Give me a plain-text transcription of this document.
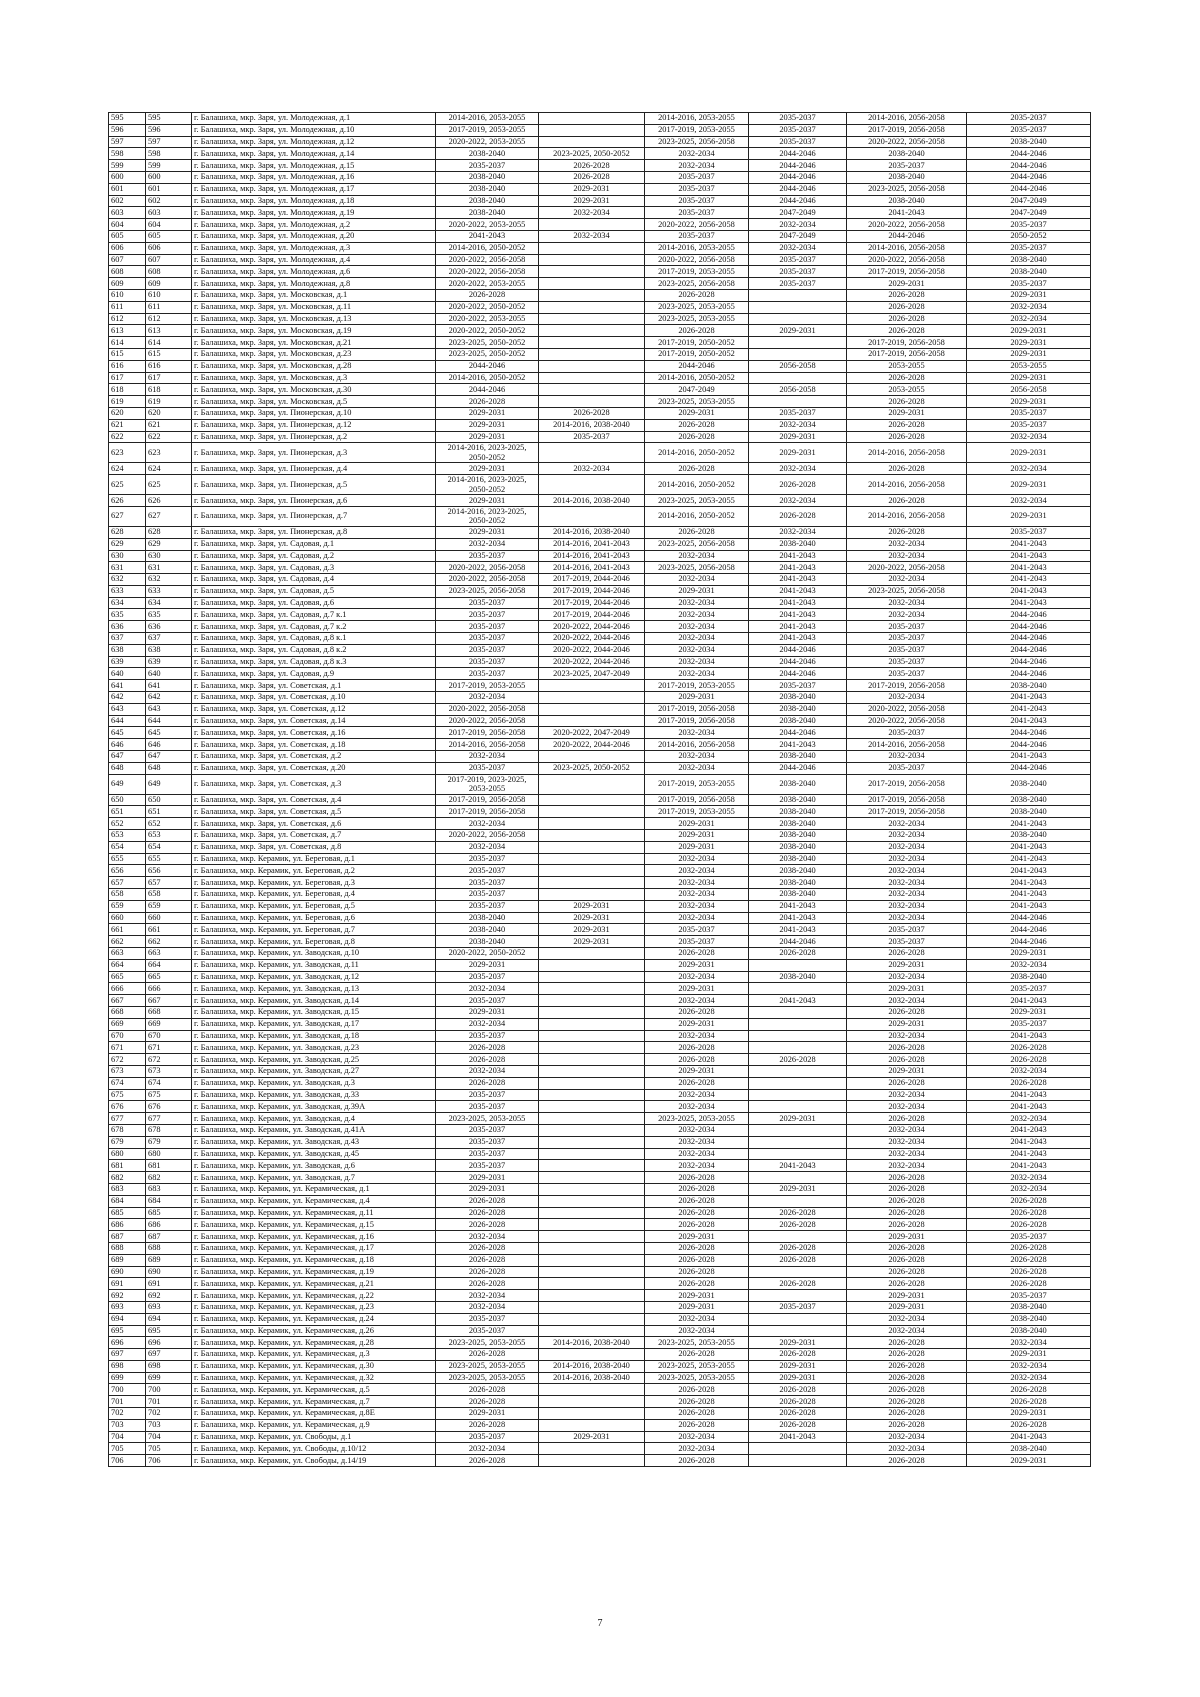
595	595	г. Балашиха, мкр. Заря, ул. Молодежная, д.1	2014-2016, 2053-2055		2014-2016, 2053-2055	2035-2037	2014-2016, 2056-2058	2035-2037
596	596	г. Балашиха, мкр. Заря, ул. Молодежная, д.10	2017-2019, 2053-2055		2017-2019, 2053-2055	2035-2037	2017-2019, 2056-2058	2035-2037
597	597	г. Балашиха, мкр. Заря, ул. Молодежная, д.12	2020-2022, 2053-2055		2023-2025, 2056-2058	2035-2037	2020-2022, 2056-2058	2038-2040
598	598	г. Балашиха, мкр. Заря, ул. Молодежная, д.14	2038-2040	2023-2025, 2050-2052	2032-2034	2044-2046	2038-2040	2044-2046
599	599	г. Балашиха, мкр. Заря, ул. Молодежная, д.15	2035-2037	2026-2028	2032-2034	2044-2046	2035-2037	2044-2046
600	600	г. Балашиха, мкр. Заря, ул. Молодежная, д.16	2038-2040	2026-2028	2035-2037	2044-2046	2038-2040	2044-2046
601	601	г. Балашиха, мкр. Заря, ул. Молодежная, д.17	2038-2040	2029-2031	2035-2037	2044-2046	2023-2025, 2056-2058	2044-2046
602	602	г. Балашиха, мкр. Заря, ул. Молодежная, д.18	2038-2040	2029-2031	2035-2037	2044-2046	2038-2040	2047-2049
603	603	г. Балашиха, мкр. Заря, ул. Молодежная, д.19	2038-2040	2032-2034	2035-2037	2047-2049	2041-2043	2047-2049
604	604	г. Балашиха, мкр. Заря, ул. Молодежная, д.2	2020-2022, 2053-2055		2020-2022, 2056-2058	2032-2034	2020-2022, 2056-2058	2035-2037
605	605	г. Балашиха, мкр. Заря, ул. Молодежная, д.20	2041-2043	2032-2034	2035-2037	2047-2049	2044-2046	2050-2052
606	606	г. Балашиха, мкр. Заря, ул. Молодежная, д.3	2014-2016, 2050-2052		2014-2016, 2053-2055	2032-2034	2014-2016, 2056-2058	2035-2037
607	607	г. Балашиха, мкр. Заря, ул. Молодежная, д.4	2020-2022, 2056-2058		2020-2022, 2056-2058	2035-2037	2020-2022, 2056-2058	2038-2040
608	608	г. Балашиха, мкр. Заря, ул. Молодежная, д.6	2020-2022, 2056-2058		2017-2019, 2053-2055	2035-2037	2017-2019, 2056-2058	2038-2040
609	609	г. Балашиха, мкр. Заря, ул. Молодежная, д.8	2020-2022, 2053-2055		2023-2025, 2056-2058	2035-2037	2029-2031	2035-2037
610	610	г. Балашиха, мкр. Заря, ул. Московская, д.1	2026-2028		2026-2028		2026-2028	2029-2031
611	611	г. Балашиха, мкр. Заря, ул. Московская, д.11	2020-2022, 2050-2052		2023-2025, 2053-2055		2026-2028	2032-2034
612	612	г. Балашиха, мкр. Заря, ул. Московская, д.13	2020-2022, 2053-2055		2023-2025, 2053-2055		2026-2028	2032-2034
613	613	г. Балашиха, мкр. Заря, ул. Московская, д.19	2020-2022, 2050-2052		2026-2028	2029-2031	2026-2028	2029-2031
614	614	г. Балашиха, мкр. Заря, ул. Московская, д.21	2023-2025, 2050-2052		2017-2019, 2050-2052		2017-2019, 2056-2058	2029-2031
615	615	г. Балашиха, мкр. Заря, ул. Московская, д.23	2023-2025, 2050-2052		2017-2019, 2050-2052		2017-2019, 2056-2058	2029-2031
616	616	г. Балашиха, мкр. Заря, ул. Московская, д.28	2044-2046		2044-2046	2056-2058	2053-2055	2053-2055
617	617	г. Балашиха, мкр. Заря, ул. Московская, д.3	2014-2016, 2050-2052		2014-2016, 2050-2052		2026-2028	2029-2031
618	618	г. Балашиха, мкр. Заря, ул. Московская, д.30	2044-2046		2047-2049	2056-2058	2053-2055	2056-2058
619	619	г. Балашиха, мкр. Заря, ул. Московская, д.5	2026-2028		2023-2025, 2053-2055		2026-2028	2029-2031
620	620	г. Балашиха, мкр. Заря, ул. Пионерская, д.10	2029-2031	2026-2028	2029-2031	2035-2037	2029-2031	2035-2037
621	621	г. Балашиха, мкр. Заря, ул. Пионерская, д.12	2029-2031	2014-2016, 2038-2040	2026-2028	2032-2034	2026-2028	2035-2037
622	622	г. Балашиха, мкр. Заря, ул. Пионерская, д.2	2029-2031	2035-2037	2026-2028	2029-2031	2026-2028	2032-2034
623	623	г. Балашиха, мкр. Заря, ул. Пионерская, д.3	2014-2016, 2023-2025, 2050-2052		2014-2016, 2050-2052	2029-2031	2014-2016, 2056-2058	2029-2031
624	624	г. Балашиха, мкр. Заря, ул. Пионерская, д.4	2029-2031	2032-2034	2026-2028	2032-2034	2026-2028	2032-2034
625	625	г. Балашиха, мкр. Заря, ул. Пионерская, д.5	2014-2016, 2023-2025, 2050-2052		2014-2016, 2050-2052	2026-2028	2014-2016, 2056-2058	2029-2031
626	626	г. Балашиха, мкр. Заря, ул. Пионерская, д.6	2029-2031	2014-2016, 2038-2040	2023-2025, 2053-2055	2032-2034	2026-2028	2032-2034
627	627	г. Балашиха, мкр. Заря, ул. Пионерская, д.7	2014-2016, 2023-2025, 2050-2052		2014-2016, 2050-2052	2026-2028	2014-2016, 2056-2058	2029-2031
628	628	г. Балашиха, мкр. Заря, ул. Пионерская, д.8	2029-2031	2014-2016, 2038-2040	2026-2028	2032-2034	2026-2028	2035-2037
629	629	г. Балашиха, мкр. Заря, ул. Садовая, д.1	2032-2034	2014-2016, 2041-2043	2023-2025, 2056-2058	2038-2040	2032-2034	2041-2043
630	630	г. Балашиха, мкр. Заря, ул. Садовая, д.2	2035-2037	2014-2016, 2041-2043	2032-2034	2041-2043	2032-2034	2041-2043
631	631	г. Балашиха, мкр. Заря, ул. Садовая, д.3	2020-2022, 2056-2058	2014-2016, 2041-2043	2023-2025, 2056-2058	2041-2043	2020-2022, 2056-2058	2041-2043
632	632	г. Балашиха, мкр. Заря, ул. Садовая, д.4	2020-2022, 2056-2058	2017-2019, 2044-2046	2032-2034	2041-2043	2032-2034	2041-2043
633	633	г. Балашиха, мкр. Заря, ул. Садовая, д.5	2023-2025, 2056-2058	2017-2019, 2044-2046	2029-2031	2041-2043	2023-2025, 2056-2058	2041-2043
634	634	г. Балашиха, мкр. Заря, ул. Садовая, д.6	2035-2037	2017-2019, 2044-2046	2032-2034	2041-2043	2032-2034	2041-2043
635	635	г. Балашиха, мкр. Заря, ул. Садовая, д.7 к.1	2035-2037	2017-2019, 2044-2046	2032-2034	2041-2043	2032-2034	2044-2046
636	636	г. Балашиха, мкр. Заря, ул. Садовая, д.7 к.2	2035-2037	2020-2022, 2044-2046	2032-2034	2041-2043	2035-2037	2044-2046
637	637	г. Балашиха, мкр. Заря, ул. Садовая, д.8 к.1	2035-2037	2020-2022, 2044-2046	2032-2034	2041-2043	2035-2037	2044-2046
638	638	г. Балашиха, мкр. Заря, ул. Садовая, д.8 к.2	2035-2037	2020-2022, 2044-2046	2032-2034	2044-2046	2035-2037	2044-2046
639	639	г. Балашиха, мкр. Заря, ул. Садовая, д.8 к.3	2035-2037	2020-2022, 2044-2046	2032-2034	2044-2046	2035-2037	2044-2046
640	640	г. Балашиха, мкр. Заря, ул. Садовая, д.9	2035-2037	2023-2025, 2047-2049	2032-2034	2044-2046	2035-2037	2044-2046
641	641	г. Балашиха, мкр. Заря, ул. Советская, д.1	2017-2019, 2053-2055		2017-2019, 2053-2055	2035-2037	2017-2019, 2056-2058	2038-2040
642	642	г. Балашиха, мкр. Заря, ул. Советская, д.10	2032-2034		2029-2031	2038-2040	2032-2034	2041-2043
643	643	г. Балашиха, мкр. Заря, ул. Советская, д.12	2020-2022, 2056-2058		2017-2019, 2056-2058	2038-2040	2020-2022, 2056-2058	2041-2043
644	644	г. Балашиха, мкр. Заря, ул. Советская, д.14	2020-2022, 2056-2058		2017-2019, 2056-2058	2038-2040	2020-2022, 2056-2058	2041-2043
645	645	г. Балашиха, мкр. Заря, ул. Советская, д.16	2017-2019, 2056-2058	2020-2022, 2047-2049	2032-2034	2044-2046	2035-2037	2044-2046
646	646	г. Балашиха, мкр. Заря, ул. Советская, д.18	2014-2016, 2056-2058	2020-2022, 2044-2046	2014-2016, 2056-2058	2041-2043	2014-2016, 2056-2058	2044-2046
647	647	г. Балашиха, мкр. Заря, ул. Советская, д.2	2032-2034		2032-2034	2038-2040	2032-2034	2041-2043
648	648	г. Балашиха, мкр. Заря, ул. Советская, д.20	2035-2037	2023-2025, 2050-2052	2032-2034	2044-2046	2035-2037	2044-2046
649	649	г. Балашиха, мкр. Заря, ул. Советская, д.3	2017-2019, 2023-2025, 2053-2055		2017-2019, 2053-2055	2038-2040	2017-2019, 2056-2058	2038-2040
650	650	г. Балашиха, мкр. Заря, ул. Советская, д.4	2017-2019, 2056-2058		2017-2019, 2056-2058	2038-2040	2017-2019, 2056-2058	2038-2040
651	651	г. Балашиха, мкр. Заря, ул. Советская, д.5	2017-2019, 2056-2058		2017-2019, 2053-2055	2038-2040	2017-2019, 2056-2058	2038-2040
652	652	г. Балашиха, мкр. Заря, ул. Советская, д.6	2032-2034		2029-2031	2038-2040	2032-2034	2041-2043
653	653	г. Балашиха, мкр. Заря, ул. Советская, д.7	2020-2022, 2056-2058		2029-2031	2038-2040	2032-2034	2038-2040
654	654	г. Балашиха, мкр. Заря, ул. Советская, д.8	2032-2034		2029-2031	2038-2040	2032-2034	2041-2043
655	655	г. Балашиха, мкр. Керамик, ул. Береговая, д.1	2035-2037		2032-2034	2038-2040	2032-2034	2041-2043
656	656	г. Балашиха, мкр. Керамик, ул. Береговая, д.2	2035-2037		2032-2034	2038-2040	2032-2034	2041-2043
657	657	г. Балашиха, мкр. Керамик, ул. Береговая, д.3	2035-2037		2032-2034	2038-2040	2032-2034	2041-2043
658	658	г. Балашиха, мкр. Керамик, ул. Береговая, д.4	2035-2037		2032-2034	2038-2040	2032-2034	2041-2043
659	659	г. Балашиха, мкр. Керамик, ул. Береговая, д.5	2035-2037	2029-2031	2032-2034	2041-2043	2032-2034	2041-2043
660	660	г. Балашиха, мкр. Керамик, ул. Береговая, д.6	2038-2040	2029-2031	2032-2034	2041-2043	2032-2034	2044-2046
661	661	г. Балашиха, мкр. Керамик, ул. Береговая, д.7	2038-2040	2029-2031	2035-2037	2041-2043	2035-2037	2044-2046
662	662	г. Балашиха, мкр. Керамик, ул. Береговая, д.8	2038-2040	2029-2031	2035-2037	2044-2046	2035-2037	2044-2046
663	663	г. Балашиха, мкр. Керамик, ул. Заводская, д.10	2020-2022, 2050-2052		2026-2028	2026-2028	2026-2028	2029-2031
664	664	г. Балашиха, мкр. Керамик, ул. Заводская, д.11	2029-2031		2029-2031		2029-2031	2032-2034
665	665	г. Балашиха, мкр. Керамик, ул. Заводская, д.12	2035-2037		2032-2034	2038-2040	2032-2034	2038-2040
666	666	г. Балашиха, мкр. Керамик, ул. Заводская, д.13	2032-2034		2029-2031		2029-2031	2035-2037
667	667	г. Балашиха, мкр. Керамик, ул. Заводская, д.14	2035-2037		2032-2034	2041-2043	2032-2034	2041-2043
668	668	г. Балашиха, мкр. Керамик, ул. Заводская, д.15	2029-2031		2026-2028		2026-2028	2029-2031
669	669	г. Балашиха, мкр. Керамик, ул. Заводская, д.17	2032-2034		2029-2031		2029-2031	2035-2037
670	670	г. Балашиха, мкр. Керамик, ул. Заводская, д.18	2035-2037		2032-2034		2032-2034	2041-2043
671	671	г. Балашиха, мкр. Керамик, ул. Заводская, д.23	2026-2028		2026-2028		2026-2028	2026-2028
672	672	г. Балашиха, мкр. Керамик, ул. Заводская, д.25	2026-2028		2026-2028	2026-2028	2026-2028	2026-2028
673	673	г. Балашиха, мкр. Керамик, ул. Заводская, д.27	2032-2034		2029-2031		2029-2031	2032-2034
674	674	г. Балашиха, мкр. Керамик, ул. Заводская, д.3	2026-2028		2026-2028		2026-2028	2026-2028
675	675	г. Балашиха, мкр. Керамик, ул. Заводская, д.33	2035-2037		2032-2034		2032-2034	2041-2043
676	676	г. Балашиха, мкр. Керамик, ул. Заводская, д.39А	2035-2037		2032-2034		2032-2034	2041-2043
677	677	г. Балашиха, мкр. Керамик, ул. Заводская, д.4	2023-2025, 2053-2055		2023-2025, 2053-2055	2029-2031	2026-2028	2032-2034
678	678	г. Балашиха, мкр. Керамик, ул. Заводская, д.41А	2035-2037		2032-2034		2032-2034	2041-2043
679	679	г. Балашиха, мкр. Керамик, ул. Заводская, д.43	2035-2037		2032-2034		2032-2034	2041-2043
680	680	г. Балашиха, мкр. Керамик, ул. Заводская, д.45	2035-2037		2032-2034		2032-2034	2041-2043
681	681	г. Балашиха, мкр. Керамик, ул. Заводская, д.6	2035-2037		2032-2034	2041-2043	2032-2034	2041-2043
682	682	г. Балашиха, мкр. Керамик, ул. Заводская, д.7	2029-2031		2026-2028		2026-2028	2032-2034
683	683	г. Балашиха, мкр. Керамик, ул. Керамическая, д.1	2029-2031		2026-2028	2029-2031	2026-2028	2032-2034
684	684	г. Балашиха, мкр. Керамик, ул. Керамическая, д.4	2026-2028		2026-2028		2026-2028	2026-2028
685	685	г. Балашиха, мкр. Керамик, ул. Керамическая, д.11	2026-2028		2026-2028	2026-2028	2026-2028	2026-2028
686	686	г. Балашиха, мкр. Керамик, ул. Керамическая, д.15	2026-2028		2026-2028	2026-2028	2026-2028	2026-2028
687	687	г. Балашиха, мкр. Керамик, ул. Керамическая, д.16	2032-2034		2029-2031		2029-2031	2035-2037
688	688	г. Балашиха, мкр. Керамик, ул. Керамическая, д.17	2026-2028		2026-2028	2026-2028	2026-2028	2026-2028
689	689	г. Балашиха, мкр. Керамик, ул. Керамическая, д.18	2026-2028		2026-2028	2026-2028	2026-2028	2026-2028
690	690	г. Балашиха, мкр. Керамик, ул. Керамическая, д.19	2026-2028		2026-2028		2026-2028	2026-2028
691	691	г. Балашиха, мкр. Керамик, ул. Керамическая, д.21	2026-2028		2026-2028	2026-2028	2026-2028	2026-2028
692	692	г. Балашиха, мкр. Керамик, ул. Керамическая, д.22	2032-2034		2029-2031		2029-2031	2035-2037
693	693	г. Балашиха, мкр. Керамик, ул. Керамическая, д.23	2032-2034		2029-2031	2035-2037	2029-2031	2038-2040
694	694	г. Балашиха, мкр. Керамик, ул. Керамическая, д.24	2035-2037		2032-2034		2032-2034	2038-2040
695	695	г. Балашиха, мкр. Керамик, ул. Керамическая, д.26	2035-2037		2032-2034		2032-2034	2038-2040
696	696	г. Балашиха, мкр. Керамик, ул. Керамическая, д.28	2023-2025, 2053-2055	2014-2016, 2038-2040	2023-2025, 2053-2055	2029-2031	2026-2028	2032-2034
697	697	г. Балашиха, мкр. Керамик, ул. Керамическая, д.3	2026-2028		2026-2028	2026-2028	2026-2028	2029-2031
698	698	г. Балашиха, мкр. Керамик, ул. Керамическая, д.30	2023-2025, 2053-2055	2014-2016, 2038-2040	2023-2025, 2053-2055	2029-2031	2026-2028	2032-2034
699	699	г. Балашиха, мкр. Керамик, ул. Керамическая, д.32	2023-2025, 2053-2055	2014-2016, 2038-2040	2023-2025, 2053-2055	2029-2031	2026-2028	2032-2034
700	700	г. Балашиха, мкр. Керамик, ул. Керамическая, д.5	2026-2028		2026-2028	2026-2028	2026-2028	2026-2028
701	701	г. Балашиха, мкр. Керамик, ул. Керамическая, д.7	2026-2028		2026-2028	2026-2028	2026-2028	2026-2028
702	702	г. Балашиха, мкр. Керамик, ул. Керамическая, д.8Е	2029-2031		2026-2028	2026-2028	2026-2028	2029-2031
703	703	г. Балашиха, мкр. Керамик, ул. Керамическая, д.9	2026-2028		2026-2028	2026-2028	2026-2028	2026-2028
704	704	г. Балашиха, мкр. Керамик, ул. Свободы, д.1	2035-2037	2029-2031	2032-2034	2041-2043	2032-2034	2041-2043
705	705	г. Балашиха, мкр. Керамик, ул. Свободы, д.10/12	2032-2034		2032-2034		2032-2034	2038-2040
706	706	г. Балашиха, мкр. Керамик, ул. Свободы, д.14/19	2026-2028		2026-2028		2026-2028	2029-2031
7
